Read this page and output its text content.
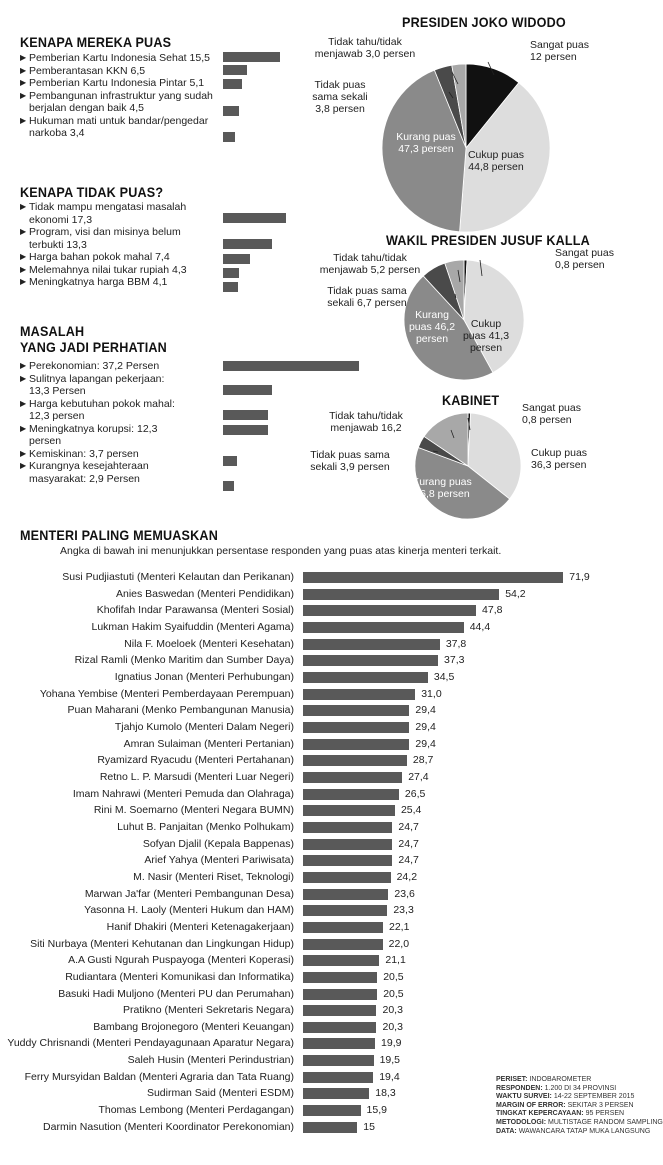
KENAPA MEREKA PUAS
▶ Pemberian Kartu Indonesia Sehat 15,5
▶ Pemberantasan KKN 6,5
▶ Pemberian Kartu Indonesia Pintar 5,1
▶ Pembangunan infrastruktur yang sudah berjalan dengan baik 4,5
▶ Hukuman mati untuk bandar/pengedar narkoba 3,4
KENAPA TIDAK PUAS?
▶ Tidak mampu mengatasi masalah ekonomi 17,3
▶ Program, visi dan misinya belum terbukti 13,3
▶ Harga bahan pokok mahal 7,4
▶ Melemahnya nilai tukar rupiah 4,3
▶ Meningkatnya harga BBM 4,1
MASALAH
YANG JADI PERHATIAN
▶ Perekonomian: 37,2 Persen
▶ Sulitnya lapangan pekerjaan: 13,3 Persen
▶ Harga kebutuhan pokok mahal: 12,3 persen
▶ Meningkatnya korupsi: 12,3 persen
▶ Kemiskinan: 3,7 persen
▶ Kurangnya kesejahteraan masyarakat: 2,9 Persen
PRESIDEN JOKO WIDODO
WAKIL PRESIDEN JUSUF KALLA
KABINET
Sangat puas 12 persen
Cukup puas 44,8 persen
Kurang puas 47,3 persen
Tidak puas sama sekali 3,8 persen
Tidak tahu/tidak menjawab 3,0 persen
Sangat puas 0,8 persen
Cukup puas 41,3 persen
Kurang puas 46,2 persen
Tidak puas sama sekali 6,7 persen
Tidak tahu/tidak menjawab 5,2 persen
Sangat puas 0,8 persen
Cukup puas 36,3 persen
Kurang puas 46,8 persen
Tidak puas sama sekali 3,9 persen
Tidak tahu/tidak menjawab 16,2
MENTERI PALING MEMUASKAN
Angka di bawah ini menunjukkan persentase responden yang puas atas kinerja menteri terkait.
PERISET: INDOBAROMETER
RESPONDEN: 1.200 DI 34 PROVINSI
WAKTU SURVEI: 14-22 SEPTEMBER 2015
MARGIN OF ERROR: SEKITAR 3 PERSEN
TINGKAT KEPERCAYAAN: 95 PERSEN
METODOLOGI: MULTISTAGE RANDOM SAMPLING
DATA: WAWANCARA TATAP MUKA LANGSUNG
Susi Pudjiastuti (Menteri Kelautan dan Perikanan)	71,9
Anies Baswedan (Menteri Pendidikan)	54,2
Khofifah Indar Parawansa (Menteri Sosial)	47,8
Lukman Hakim Syaifuddin (Menteri Agama)	44,4
Nila F. Moeloek (Menteri Kesehatan)	37,8
Rizal Ramli (Menko Maritim dan Sumber Daya)	37,3
Ignatius Jonan (Menteri Perhubungan)	34,5
Yohana Yembise (Menteri Pemberdayaan Perempuan)	31,0
Puan Maharani (Menko Pembangunan Manusia)	29,4
Tjahjo Kumolo (Menteri Dalam Negeri)	29,4
Amran Sulaiman (Menteri Pertanian)	29,4
Ryamizard Ryacudu (Menteri Pertahanan)	28,7
Retno L. P. Marsudi (Menteri Luar Negeri)	27,4
Imam Nahrawi (Menteri Pemuda dan Olahraga)	26,5
Rini M. Soemarno (Menteri Negara BUMN)	25,4
Luhut B. Panjaitan (Menko Polhukam)	24,7
Sofyan Djalil (Kepala Bappenas)	24,7
Arief Yahya (Menteri Pariwisata)	24,7
M. Nasir (Menteri Riset, Teknologi)	24,2
Marwan Ja'far (Menteri Pembangunan Desa)	23,6
Yasonna H. Laoly (Menteri Hukum dan HAM)	23,3
Hanif Dhakiri (Menteri Ketenagakerjaan)	22,1
Siti Nurbaya (Menteri Kehutanan dan Lingkungan Hidup)	22,0
A.A Gusti Ngurah Puspayoga (Menteri Koperasi)	21,1
Rudiantara (Menteri Komunikasi dan Informatika)	20,5
Basuki Hadi Muljono (Menteri PU dan Perumahan)	20,5
Pratikno (Menteri Sekretaris Negara)	20,3
Bambang Brojonegoro (Menteri Keuangan)	20,3
Yuddy Chrisnandi (Menteri Pendayagunaan Aparatur Negara)	19,9
Saleh Husin (Menteri Perindustrian)	19,5
Ferry Mursyidan Baldan (Menteri Agraria dan Tata Ruang)	19,4
Sudirman Said (Menteri ESDM)	18,3
Thomas Lembong (Menteri Perdagangan)	15,9
Darmin Nasution (Menteri Koordinator Perekonomian)	15
